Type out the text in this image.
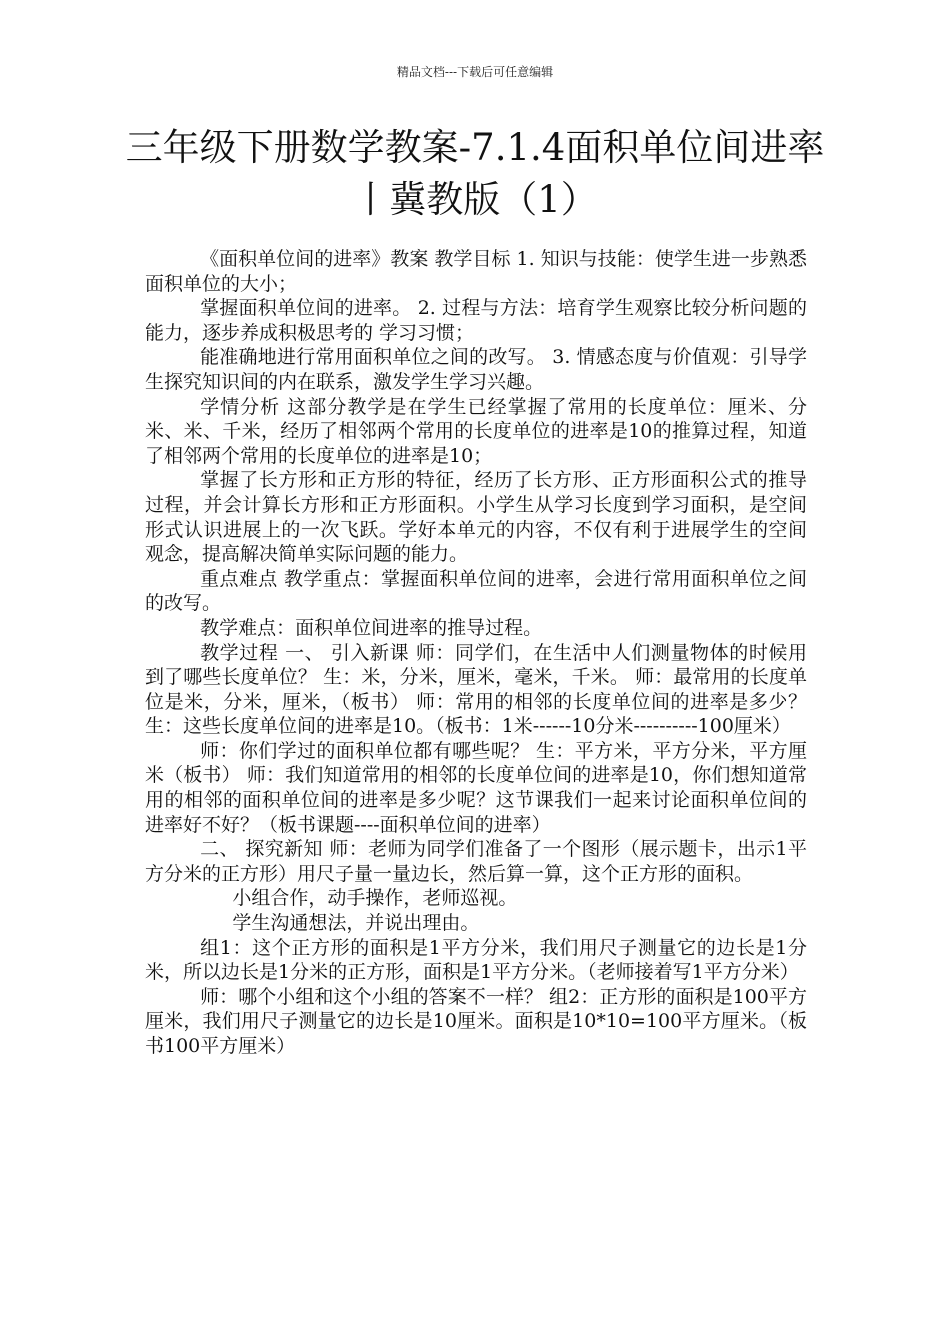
精品文档---下载后可任意编辑
三年级下册数学教案-7.1.4面积单位间进率丨冀教版（1）

《面积单位间的进率》教案 教学目标 1. 知识与技能：使学生进一步熟悉面积单位的大小；

掌握面积单位间的进率。 2. 过程与方法：培育学生观察比较分析问题的能力，逐步养成积极思考的 学习习惯；

能准确地进行常用面积单位之间的改写。 3. 情感态度与价值观：引导学生探究知识间的内在联系，激发学生学习兴趣。

学情分析 这部分教学是在学生已经掌握了常用的长度单位：厘米、分米、米、千米，经历了相邻两个常用的长度单位的进率是10的推算过程，知道了相邻两个常用的长度单位的进率是10；

掌握了长方形和正方形的特征，经历了长方形、正方形面积公式的推导过程，并会计算长方形和正方形面积。小学生从学习长度到学习面积，是空间形式认识进展上的一次飞跃。学好本单元的内容，不仅有利于进展学生的空间观念，提高解决简单实际问题的能力。

重点难点 教学重点：掌握面积单位间的进率，会进行常用面积单位之间的改写。

教学难点：面积单位间进率的推导过程。

教学过程 一、 引入新课 师：同学们，在生活中人们测量物体的时候用到了哪些长度单位？ 生：米，分米，厘米，毫米，千米。 师：最常用的长度单位是米，分米，厘米，（板书） 师：常用的相邻的长度单位间的进率是多少？ 生：这些长度单位间的进率是10。（板书：1米------10分米----------100厘米）

师：你们学过的面积单位都有哪些呢？ 生：平方米，平方分米，平方厘米（板书） 师：我们知道常用的相邻的长度单位间的进率是10，你们想知道常用的相邻的面积单位间的进率是多少呢？这节课我们一起来讨论面积单位间的进率好不好？（板书课题----面积单位间的进率）

二、 探究新知 师：老师为同学们准备了一个图形（展示题卡，出示1平方分米的正方形）用尺子量一量边长，然后算一算，这个正方形的面积。

小组合作，动手操作，老师巡视。

学生沟通想法，并说出理由。

组1：这个正方形的面积是1平方分米，我们用尺子测量它的边长是1分米，所以边长是1分米的正方形，面积是1平方分米。（老师接着写1平方分米）

师：哪个小组和这个小组的答案不一样？ 组2：正方形的面积是100平方厘米，我们用尺子测量它的边长是10厘米。面积是10*10=100平方厘米。（板书100平方厘米）
